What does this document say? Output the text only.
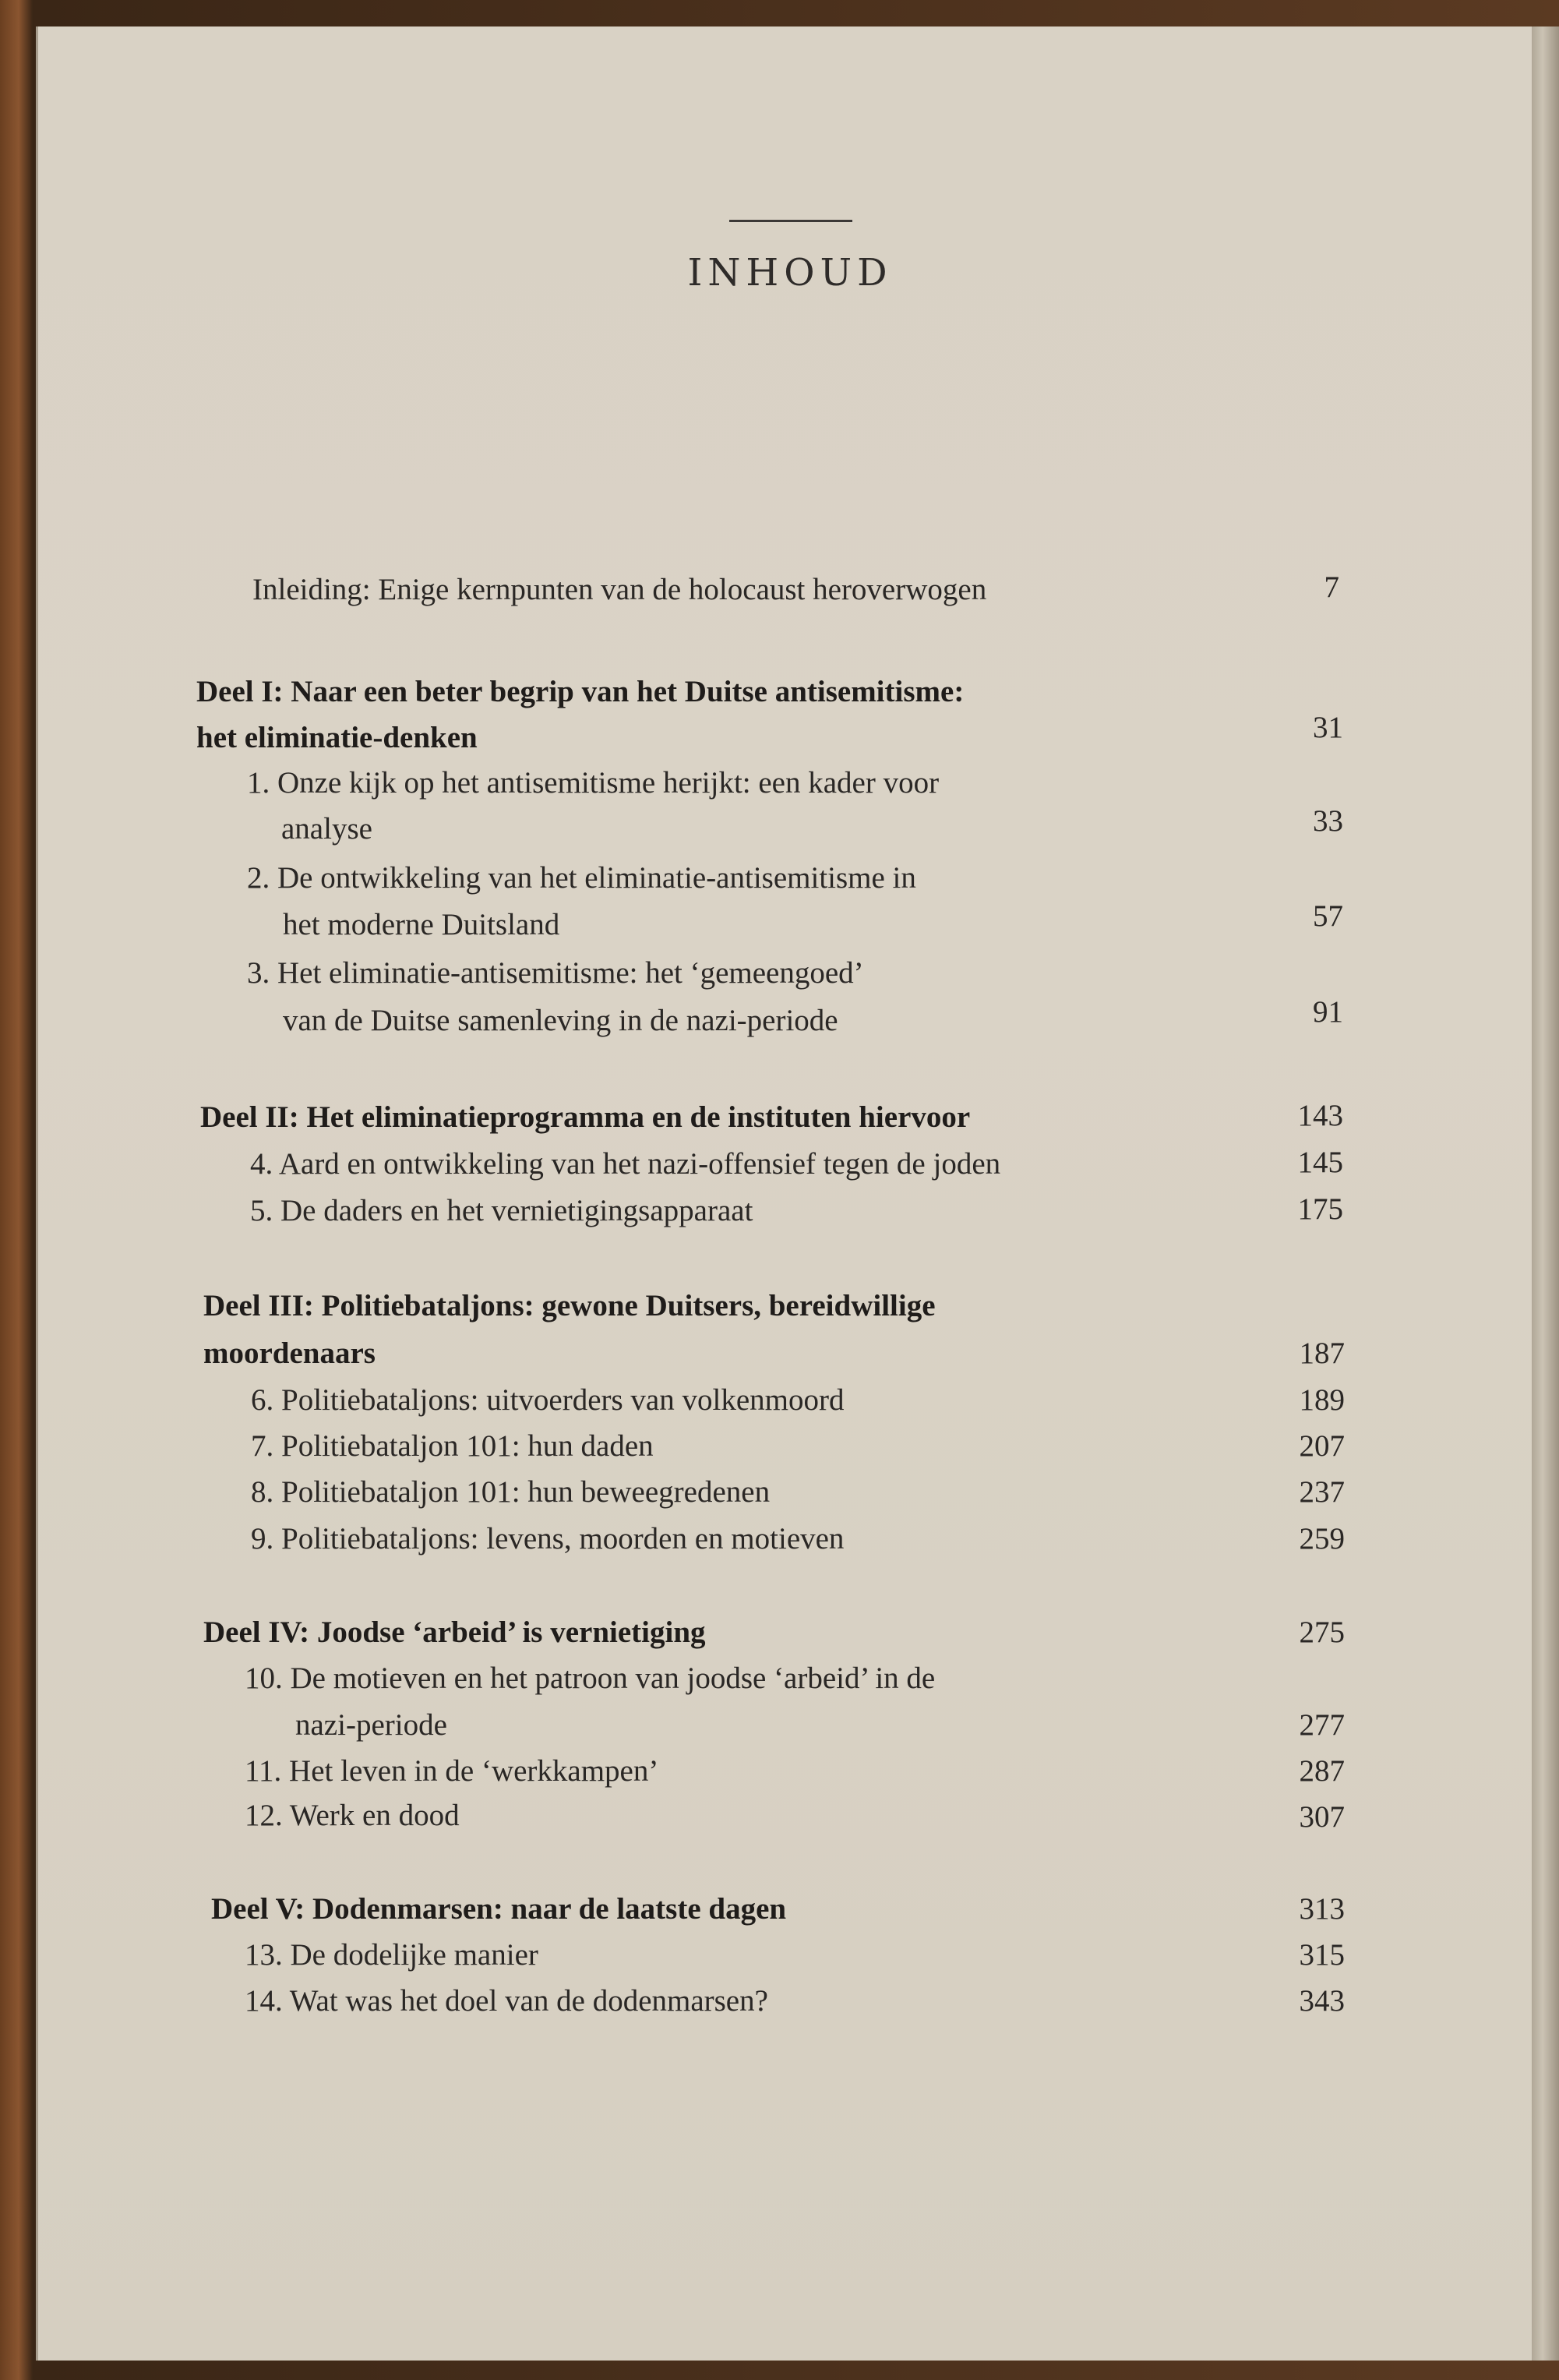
INHOUD
Inleiding: Enige kernpunten van de holocaust heroverwogen	7
Deel I: Naar een beter begrip van het Duitse antisemitisme:
het eliminatie-denken	31
1. Onze kijk op het antisemitisme herijkt: een kader voor
analyse	33
2. De ontwikkeling van het eliminatie-antisemitisme in
het moderne Duitsland	57
3. Het eliminatie-antisemitisme: het ‘gemeengoed’
van de Duitse samenleving in de nazi-periode	91
Deel II: Het eliminatieprogramma en de instituten hiervoor	143
4. Aard en ontwikkeling van het nazi-offensief tegen de joden	145
5. De daders en het vernietigingsapparaat	175
Deel III: Politiebataljons: gewone Duitsers, bereidwillige
moordenaars	187
6. Politiebataljons: uitvoerders van volkenmoord	189
7. Politiebataljon 101: hun daden	207
8. Politiebataljon 101: hun beweegredenen	237
9. Politiebataljons: levens, moorden en motieven	259
Deel IV: Joodse ‘arbeid’ is vernietiging	275
10. De motieven en het patroon van joodse ‘arbeid’ in de
nazi-periode	277
11. Het leven in de ‘werkkampen’	287
12. Werk en dood	307
Deel V: Dodenmarsen: naar de laatste dagen	313
13. De dodelijke manier	315
14. Wat was het doel van de dodenmarsen?	343
